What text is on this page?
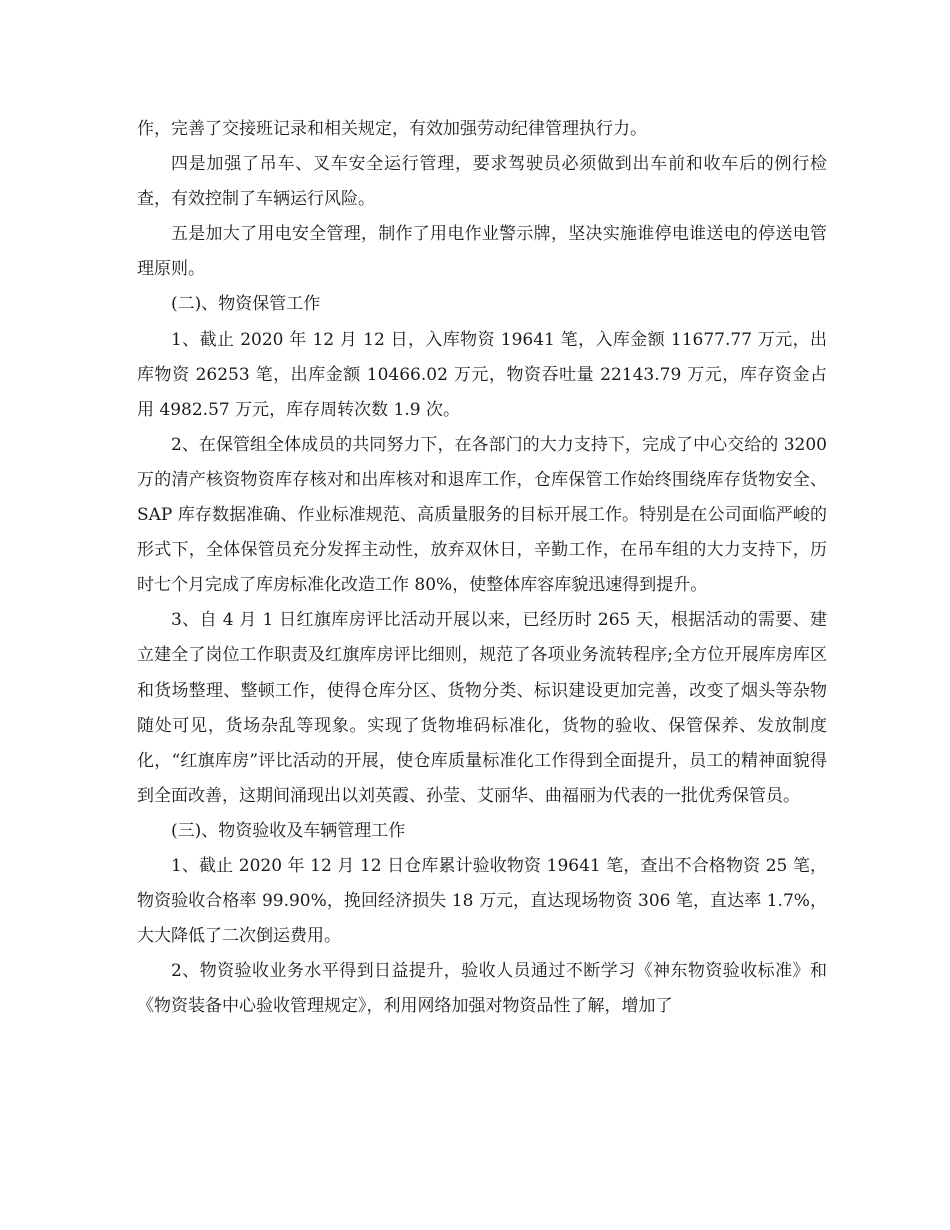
作，完善了交接班记录和相关规定，有效加强劳动纪律管理执行力。

四是加强了吊车、叉车安全运行管理，要求驾驶员必须做到出车前和收车后的例行检查，有效控制了车辆运行风险。

五是加大了用电安全管理，制作了用电作业警示牌，坚决实施谁停电谁送电的停送电管理原则。

(二)、物资保管工作

1、截止 2020 年 12 月 12 日，入库物资 19641 笔，入库金额 11677.77 万元，出库物资 26253 笔，出库金额 10466.02 万元，物资吞吐量 22143.79 万元，库存资金占用 4982.57 万元，库存周转次数 1.9 次。

2、在保管组全体成员的共同努力下，在各部门的大力支持下，完成了中心交给的 3200 万的清产核资物资库存核对和出库核对和退库工作，仓库保管工作始终围绕库存货物安全、SAP 库存数据准确、作业标准规范、高质量服务的目标开展工作。特别是在公司面临严峻的形式下，全体保管员充分发挥主动性，放弃双休日，辛勤工作，在吊车组的大力支持下，历时七个月完成了库房标准化改造工作 80%，使整体库容库貌迅速得到提升。

3、自 4 月 1 日红旗库房评比活动开展以来，已经历时 265 天，根据活动的需要、建立建全了岗位工作职责及红旗库房评比细则，规范了各项业务流转程序;全方位开展库房库区和货场整理、整顿工作，使得仓库分区、货物分类、标识建设更加完善，改变了烟头等杂物随处可见，货场杂乱等现象。实现了货物堆码标准化，货物的验收、保管保养、发放制度化，“红旗库房”评比活动的开展，使仓库质量标准化工作得到全面提升，员工的精神面貌得到全面改善，这期间涌现出以刘英霞、孙莹、艾丽华、曲福丽为代表的一批优秀保管员。

(三)、物资验收及车辆管理工作

1、截止 2020 年 12 月 12 日仓库累计验收物资 19641 笔，查出不合格物资 25 笔，物资验收合格率 99.90%，挽回经济损失 18 万元，直达现场物资 306 笔，直达率 1.7%，大大降低了二次倒运费用。

2、物资验收业务水平得到日益提升，验收人员通过不断学习《神东物资验收标准》和《物资装备中心验收管理规定》，利用网络加强对物资品性了解，增加了
